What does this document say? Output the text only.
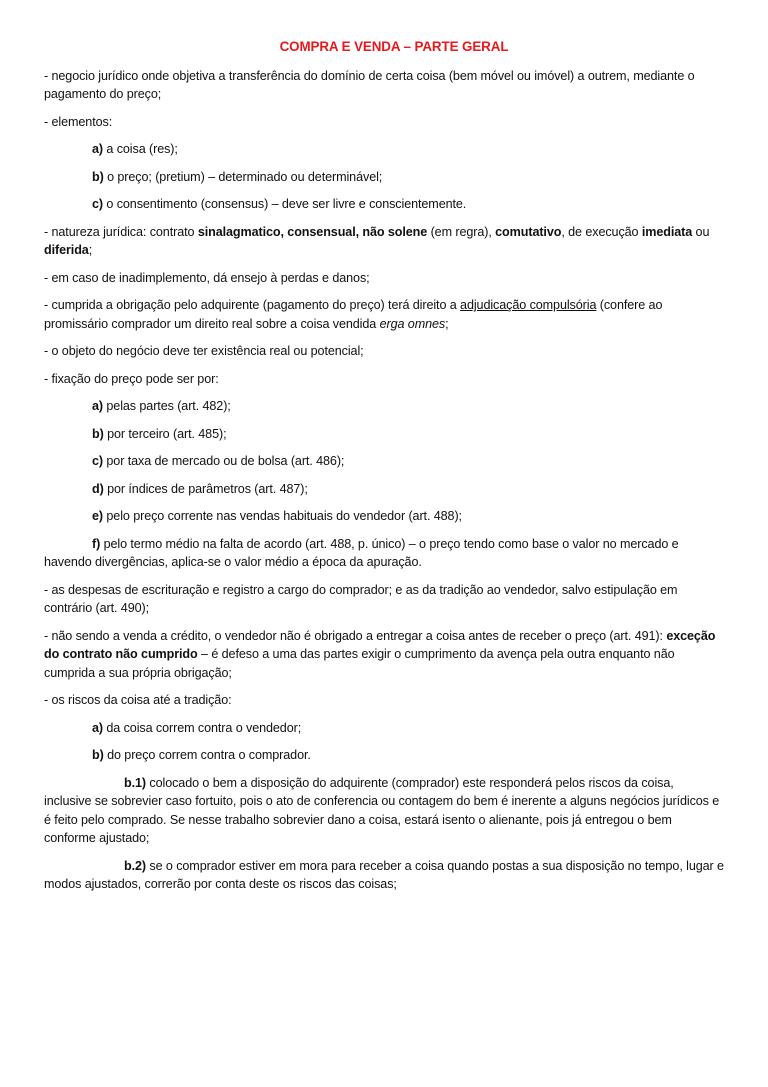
COMPRA E VENDA – PARTE GERAL
- negocio jurídico onde objetiva a transferência do domínio de certa coisa (bem móvel ou imóvel) a outrem, mediante o pagamento do preço;
- elementos:
a) a coisa (res);
b) o preço; (pretium) – determinado ou determinável;
c) o consentimento (consensus) – deve ser livre e conscientemente.
- natureza jurídica: contrato sinalagmatico, consensual, não solene (em regra), comutativo, de execução imediata ou diferida;
- em caso de inadimplemento, dá ensejo à perdas e danos;
- cumprida a obrigação pelo adquirente (pagamento do preço) terá direito a adjudicação compulsória (confere ao promissário comprador um direito real sobre a coisa vendida erga omnes;
- o objeto do negócio deve ter existência real ou potencial;
- fixação do preço pode ser por:
a) pelas partes (art. 482);
b) por terceiro (art. 485);
c) por taxa de mercado ou de bolsa (art. 486);
d) por índices de parâmetros (art. 487);
e) pelo preço corrente nas vendas habituais do vendedor (art. 488);
f) pelo termo médio na falta de acordo (art. 488, p. único) – o preço tendo como base o valor no mercado e havendo divergências, aplica-se o valor médio a época da apuração.
- as despesas de escrituração e registro a cargo do comprador; e as da tradição ao vendedor, salvo estipulação em contrário (art. 490);
- não sendo a venda a crédito, o vendedor não é obrigado a entregar a coisa antes de receber o preço (art. 491): exceção do contrato não cumprido – é defeso a uma das partes exigir o cumprimento da avença pela outra enquanto não cumprida a sua própria obrigação;
- os riscos da coisa até a tradição:
a) da coisa correm contra o vendedor;
b) do preço correm contra o comprador.
b.1) colocado o bem a disposição do adquirente (comprador) este responderá pelos riscos da coisa, inclusive se sobrevier caso fortuito, pois o ato de conferencia ou contagem do bem é inerente a alguns negócios jurídicos e é feito pelo comprado. Se nesse trabalho sobrevier dano a coisa, estará isento o alienante, pois já entregou o bem conforme ajustado;
b.2) se o comprador estiver em mora para receber a coisa quando postas a sua disposição no tempo, lugar e modos ajustados, correrão por conta deste os riscos das coisas;
